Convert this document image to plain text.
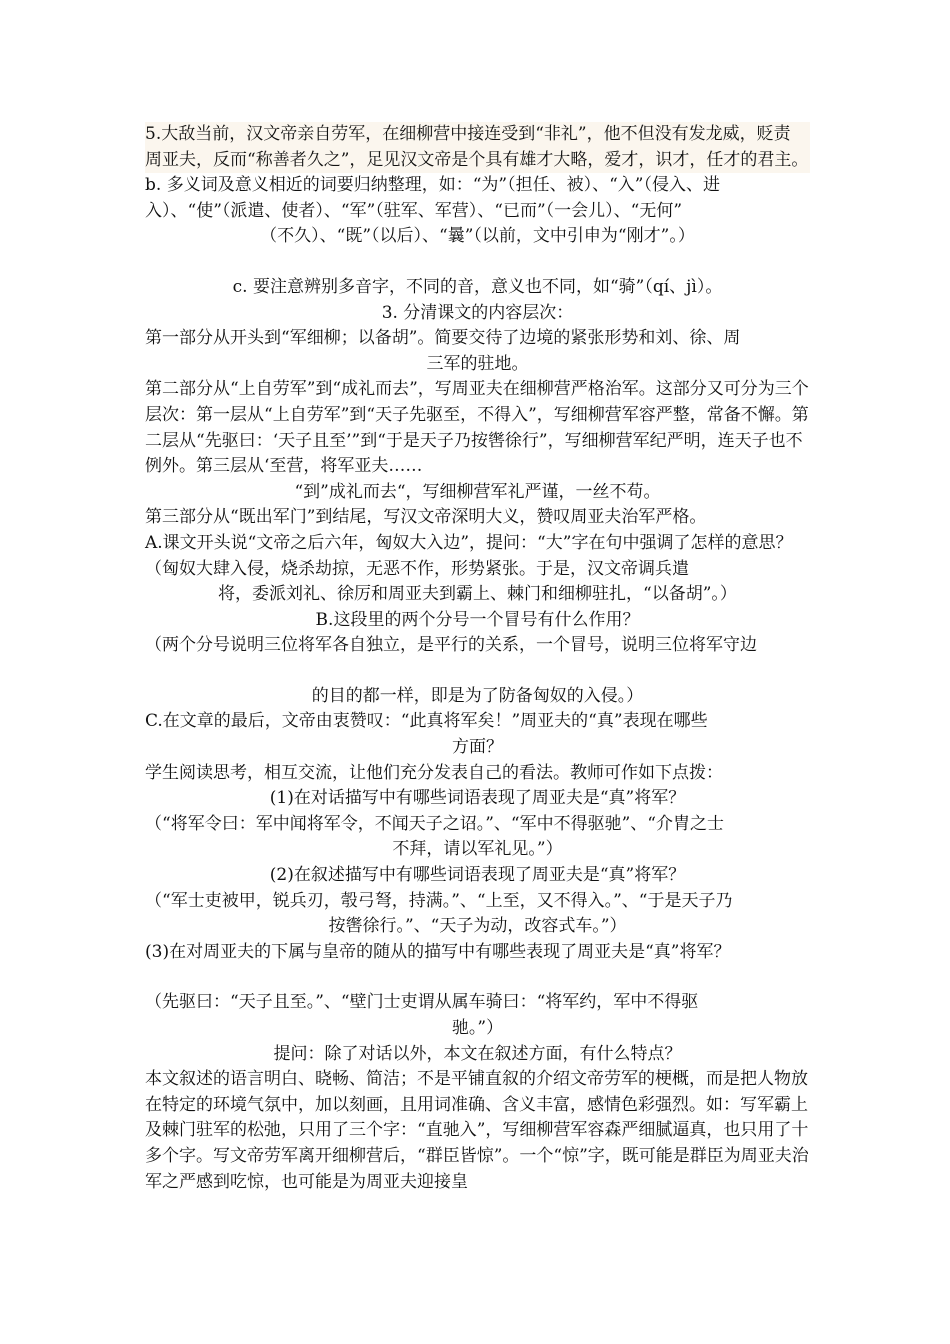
5.大敌当前，汉文帝亲自劳军，在细柳营中接连受到“非礼”，他不但没有发龙威，贬责

周亚夫，反而“称善者久之”，足见汉文帝是个具有雄才大略，爱才，识才，任才的君主。

b. 多义词及意义相近的词要归纳整理，如：“为”（担任、被）、“入”（侵入、进入）、“使”（派遣、使者）、“军”（驻军、军营）、“已而”（一会儿）、“无何”

（不久）、“既”（以后）、“曩”（以前，文中引申为“刚才”。）

c. 要注意辨别多音字，不同的音，意义也不同，如“骑”（qí、jì）。

3. 分清课文的内容层次：

第一部分从开头到“军细柳；以备胡”。简要交待了边境的紧张形势和刘、徐、周

三军的驻地。

第二部分从“上自劳军”到“成礼而去”，写周亚夫在细柳营严格治军。这部分又可分为三个层次：第一层从“上自劳军”到“天子先驱至，不得入”，写细柳营军容严整，常备不懈。第二层从“先驱曰：‘天子且至’”到“于是天子乃按辔徐行”，写细柳营军纪严明，连天子也不例外。第三层从‘至营，将军亚夫……

“到”成礼而去“，写细柳营军礼严谨，一丝不苟。

第三部分从“既出军门”到结尾，写汉文帝深明大义，赞叹周亚夫治军严格。

A.课文开头说“文帝之后六年，匈奴大入边”，提问：“大”字在句中强调了怎样的意思？（匈奴大肆入侵，烧杀劫掠，无恶不作，形势紧张。于是，汉文帝调兵遣

将，委派刘礼、徐厉和周亚夫到霸上、棘门和细柳驻扎，“以备胡”。）

B.这段里的两个分号一个冒号有什么作用？

（两个分号说明三位将军各自独立，是平行的关系，一个冒号，说明三位将军守边

的目的都一样，即是为了防备匈奴的入侵。）

C.在文章的最后，文帝由衷赞叹：“此真将军矣！”周亚夫的“真”表现在哪些

方面？

学生阅读思考，相互交流，让他们充分发表自己的看法。教师可作如下点拨：

(1)在对话描写中有哪些词语表现了周亚夫是“真”将军？

（“将军令曰：军中闻将军令，不闻天子之诏。”、“军中不得驱驰”、“介胄之士

不拜，请以军礼见。”）

(2)在叙述描写中有哪些词语表现了周亚夫是“真”将军？

（“军士吏被甲，锐兵刃，彀弓弩，持满。”、“上至，又不得入。”、“于是天子乃

按辔徐行。”、“天子为动，改容式车。”）

(3)在对周亚夫的下属与皇帝的随从的描写中有哪些表现了周亚夫是“真”将军？

（先驱曰：“天子且至。”、“壁门士吏谓从属车骑曰：“将军约，军中不得驱

驰。”）

提问：除了对话以外，本文在叙述方面，有什么特点？

本文叙述的语言明白、晓畅、简洁；不是平铺直叙的介绍文帝劳军的梗概，而是把人物放在特定的环境气氛中，加以刻画，且用词准确、含义丰富，感情色彩强烈。如：写军霸上及棘门驻军的松弛，只用了三个字：“直驰入”，写细柳营军容森严细腻逼真，也只用了十多个字。写文帝劳军离开细柳营后，“群臣皆惊”。一个“惊”字，既可能是群臣为周亚夫治军之严感到吃惊，也可能是为周亚夫迎接皇
